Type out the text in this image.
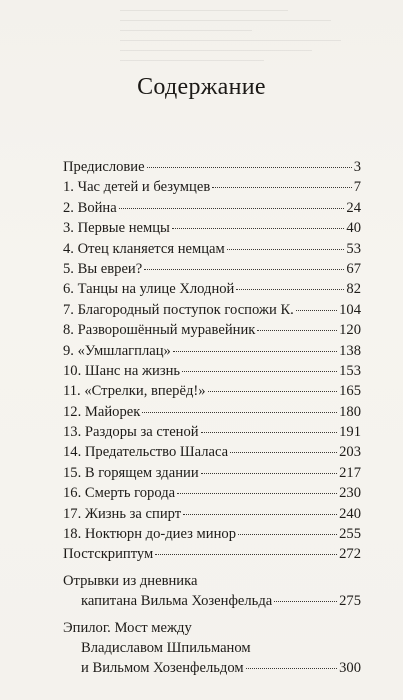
Содержание
Предисловие	3
1. Час детей и безумцев	7
2. Война	24
3. Первые немцы	40
4. Отец кланяется немцам	53
5. Вы евреи?	67
6. Танцы на улице Хлодной	82
7. Благородный поступок госпожи К.	104
8. Разворошённый муравейник	120
9. «Умшлагплац»	138
10. Шанс на жизнь	153
11. «Стрелки, вперёд!»	165
12. Майорек	180
13. Раздоры за стеной	191
14. Предательство Шаласа	203
15. В горящем здании	217
16. Смерть города	230
17. Жизнь за спирт	240
18. Ноктюрн до-диез минор	255
Постскриптум	272
Отрывки из дневника
капитана Вильма Хозенфельда	275
Эпилог. Мост между
Владиславом Шпильманом
и Вильмом Хозенфельдом	300
